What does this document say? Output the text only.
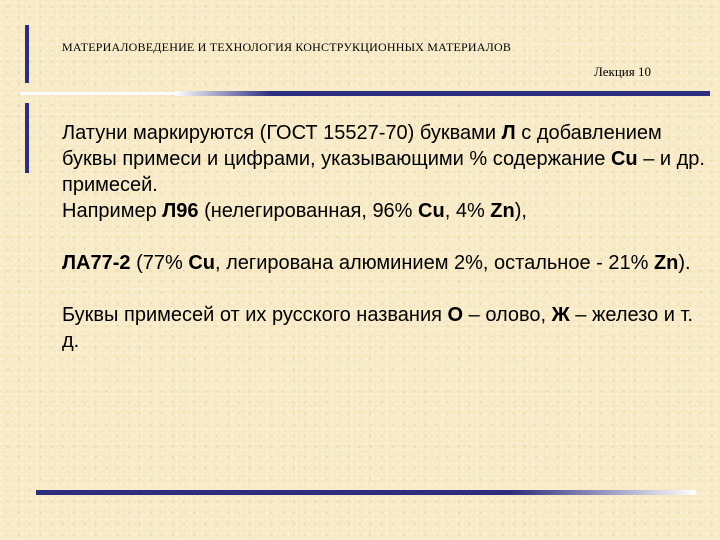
МАТЕРИАЛОВЕДЕНИЕ И ТЕХНОЛОГИЯ КОНСТРУКЦИОННЫХ МАТЕРИАЛОВ
Лекция 10

Латуни маркируются (ГОСТ 15527-70) буквами Л с добавлением буквы примеси и цифрами, указывающими % содержание Cu – и др. примесей.

Например Л96 (нелегированная, 96% Cu, 4% Zn),

ЛА77-2 (77% Cu, легирована алюминием 2%, остальное - 21% Zn).

Буквы примесей от их русского названия О – олово, Ж – железо и т. д.
